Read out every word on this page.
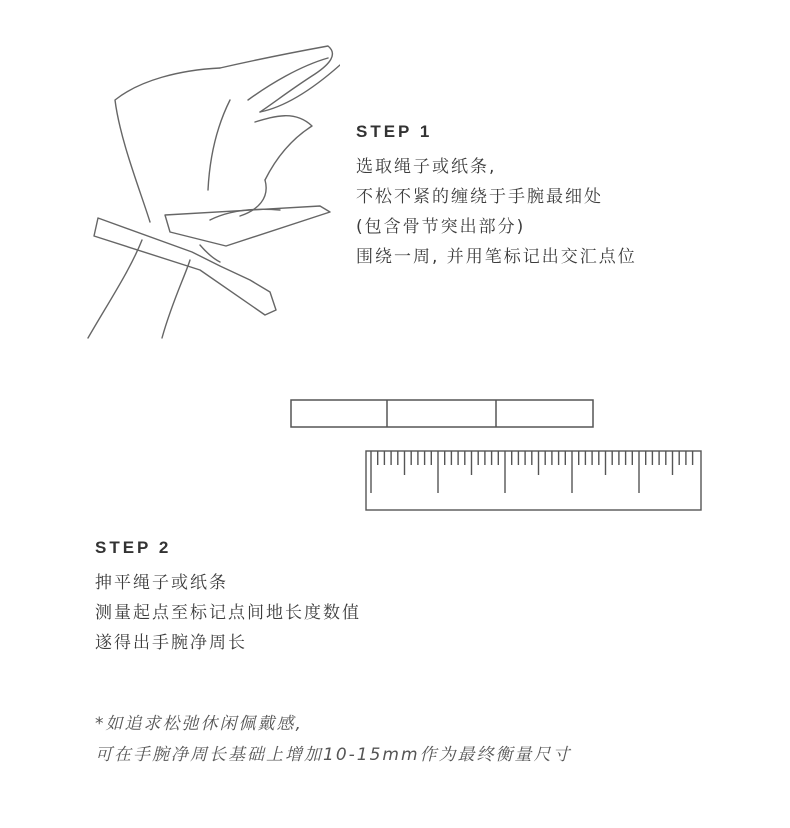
STEP 1
选取绳子或纸条,
不松不紧的缠绕于手腕最细处
(包含骨节突出部分)
围绕一周, 并用笔标记出交汇点位
STEP 2
抻平绳子或纸条
测量起点至标记点间地长度数值
遂得出手腕净周长
*如追求松弛休闲佩戴感,
可在手腕净周长基础上增加10-15mm作为最终衡量尺寸
